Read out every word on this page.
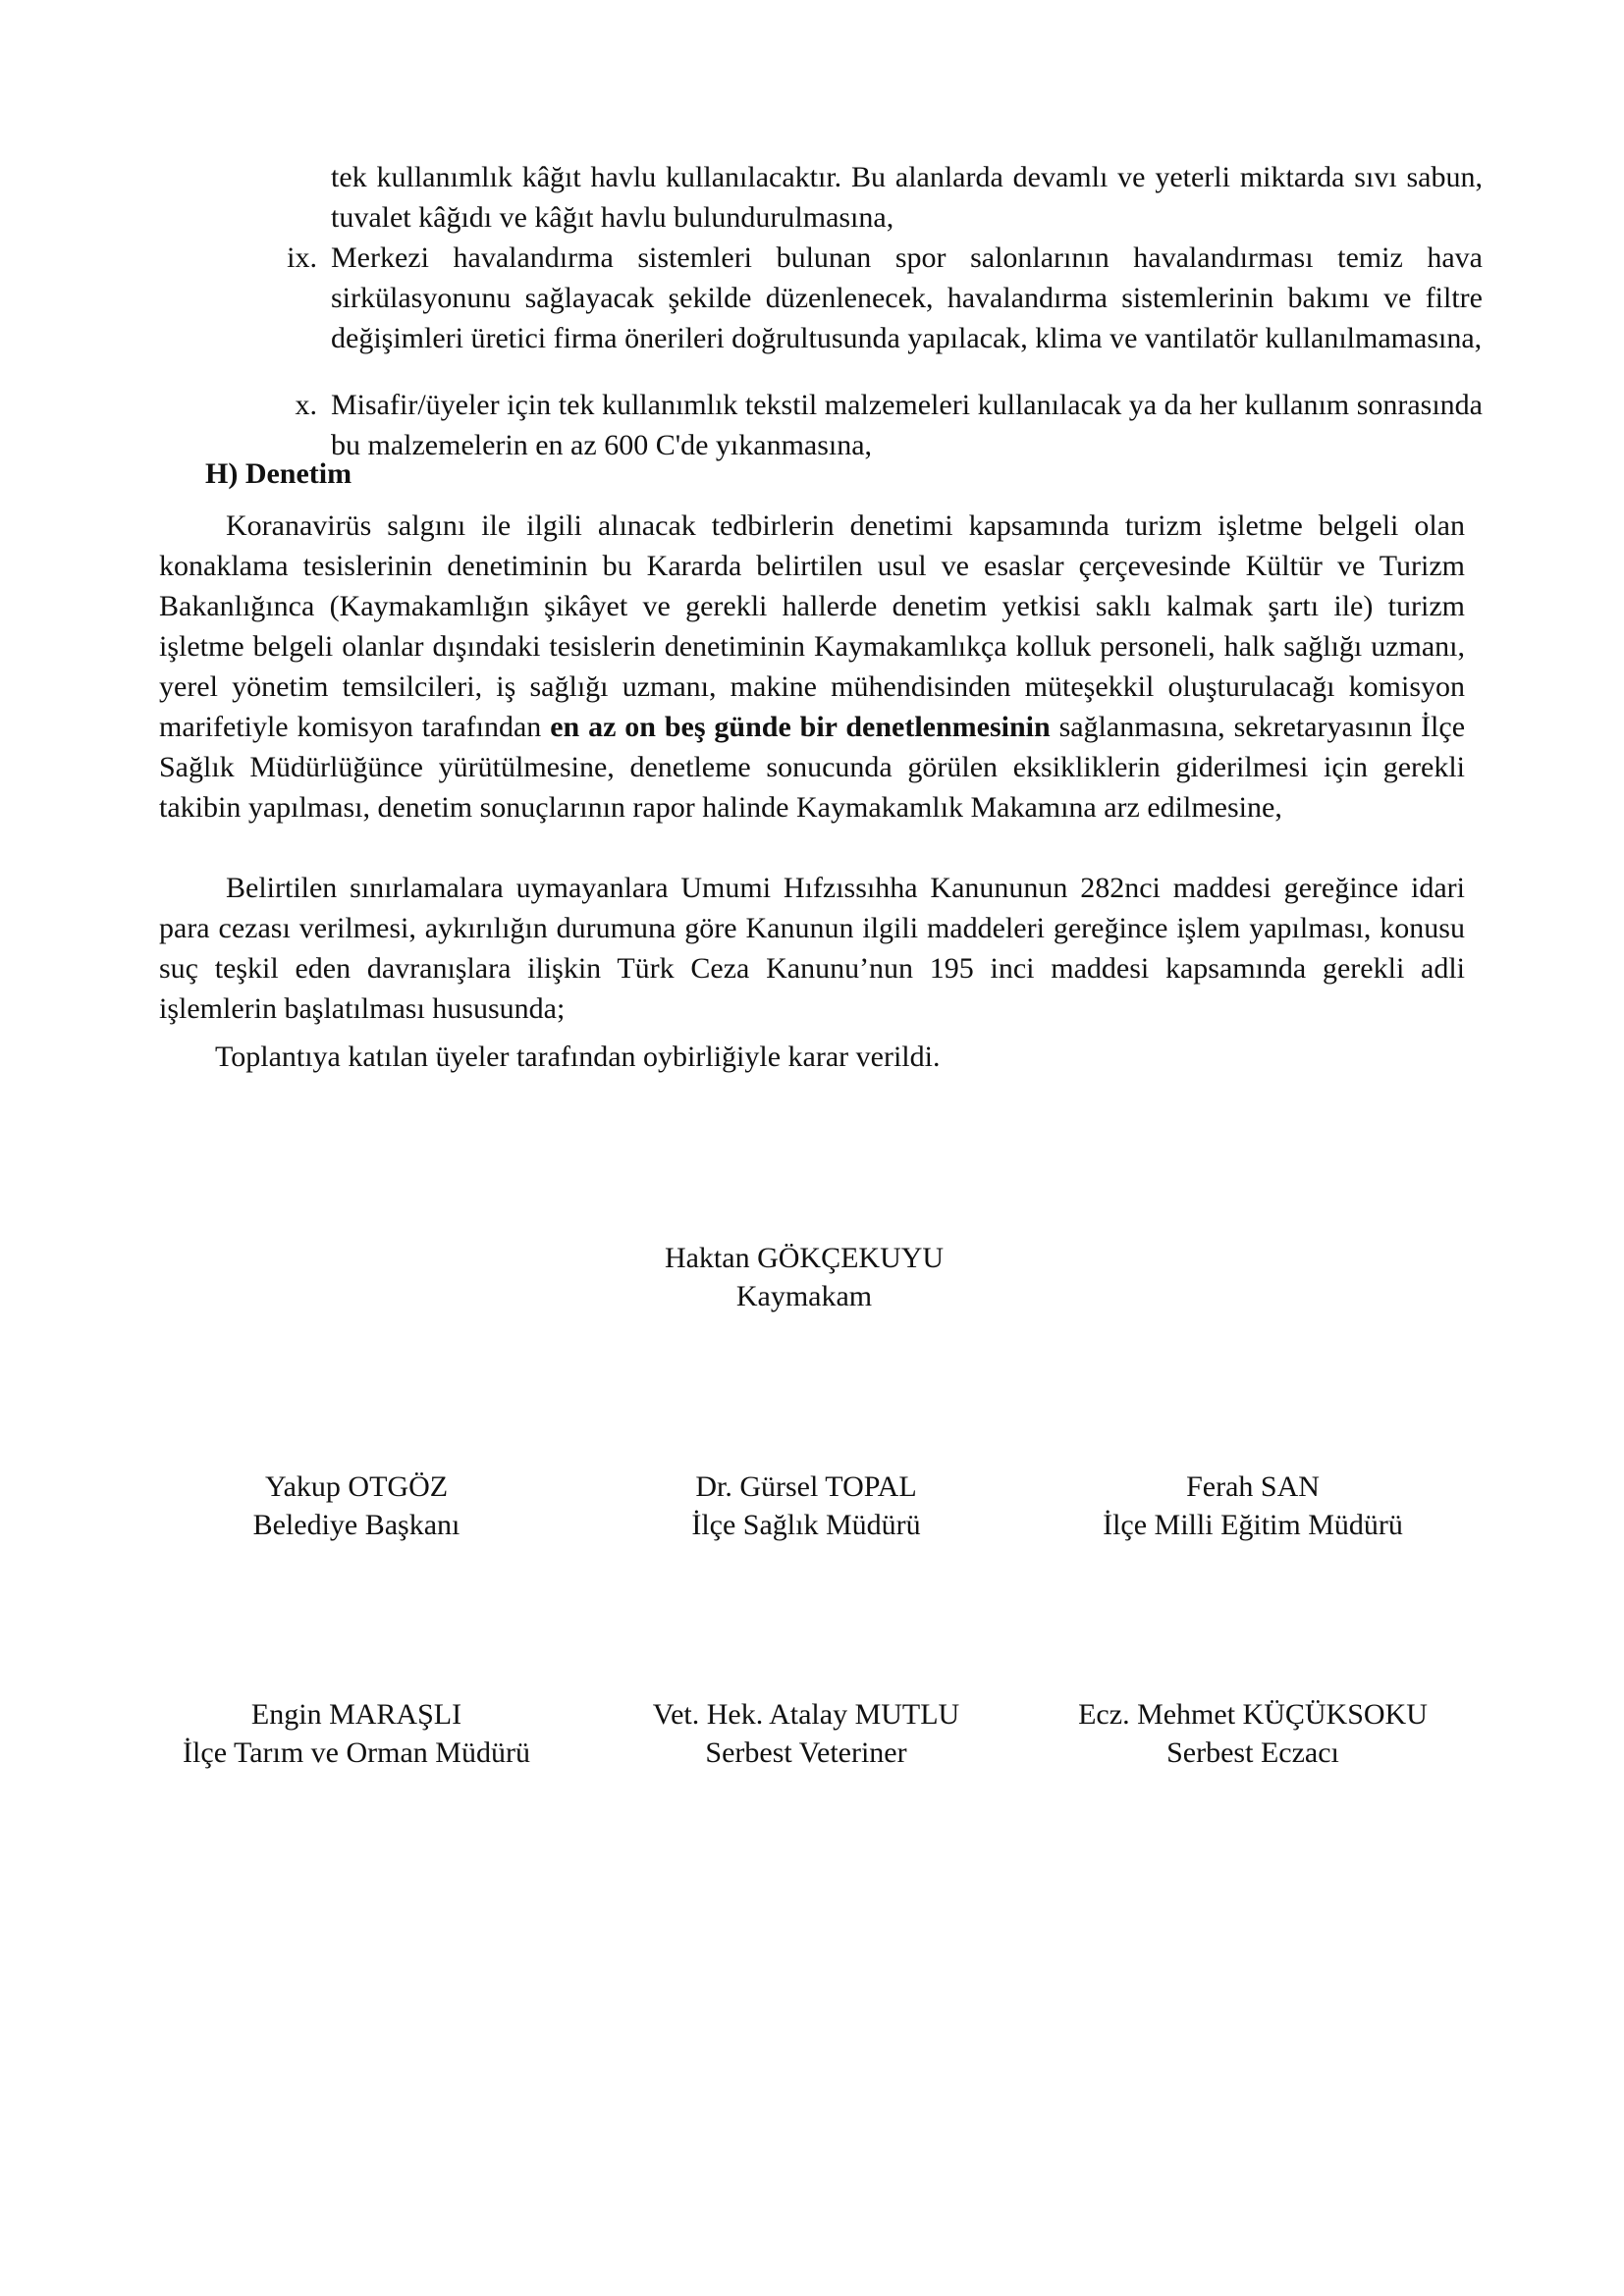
tek kullanımlık kâğıt havlu kullanılacaktır. Bu alanlarda devamlı ve yeterli miktarda sıvı sabun, tuvalet kâğıdı ve kâğıt havlu bulundurulmasına,
ix. Merkezi havalandırma sistemleri bulunan spor salonlarının havalandırması temiz hava sirkülasyonunu sağlayacak şekilde düzenlenecek, havalandırma sistemlerinin bakımı ve filtre değişimleri üretici firma önerileri doğrultusunda yapılacak, klima ve vantilatör kullanılmamasına,
x. Misafir/üyeler için tek kullanımlık tekstil malzemeleri kullanılacak ya da her kullanım sonrasında bu malzemelerin en az 600 C'de yıkanmasına,
H) Denetim
Koranavirüs salgını ile ilgili alınacak tedbirlerin denetimi kapsamında turizm işletme belgeli olan konaklama tesislerinin denetiminin bu Kararda belirtilen usul ve esaslar çerçevesinde Kültür ve Turizm Bakanlığınca (Kaymakamlığın şikâyet ve gerekli hallerde denetim yetkisi saklı kalmak şartı ile) turizm işletme belgeli olanlar dışındaki tesislerin denetiminin Kaymakamlıkça kolluk personeli, halk sağlığı uzmanı, yerel yönetim temsilcileri, iş sağlığı uzmanı, makine mühendisinden müteşekkil oluşturulacağı komisyon marifetiyle komisyon tarafından en az on beş günde bir denetlenmesinin sağlanmasına, sekretaryasının İlçe Sağlık Müdürlüğünce yürütülmesine, denetleme sonucunda görülen eksikliklerin giderilmesi için gerekli takibin yapılması, denetim sonuçlarının rapor halinde Kaymakamlık Makamına arz edilmesine,
Belirtilen sınırlamalara uymayanlara Umumi Hıfzıssıhha Kanununun 282nci maddesi gereğince idari para cezası verilmesi, aykırılığın durumuna göre Kanunun ilgili maddeleri gereğince işlem yapılması, konusu suç teşkil eden davranışlara ilişkin Türk Ceza Kanunu’nun 195 inci maddesi kapsamında gerekli adli işlemlerin başlatılması hususunda;
Toplantıya katılan üyeler tarafından oybirliğiyle karar verildi.
Haktan GÖKÇEKUYU
Kaymakam
Yakup OTGÖZ
Belediye Başkanı
Dr. Gürsel TOPAL
İlçe Sağlık Müdürü
Ferah SAN
İlçe Milli Eğitim Müdürü
Engin MARAŞLI
İlçe Tarım ve Orman Müdürü
Vet. Hek. Atalay MUTLU
Serbest Veteriner
Ecz. Mehmet KÜÇÜKSOKU
Serbest Eczacı
